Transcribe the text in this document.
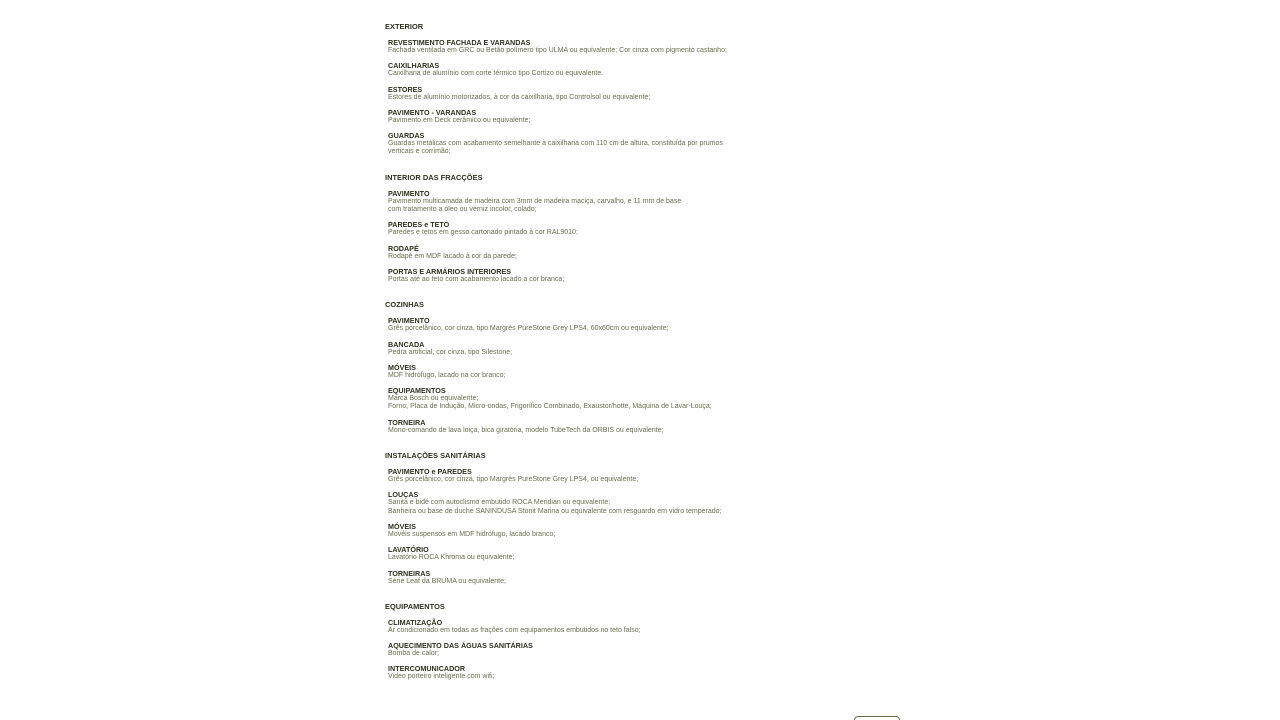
EXTERIOR
REVESTIMENTO FACHADA E VARANDAS
Fachada ventilada em GRC ou Betão polímero tipo ULMA ou equivalente; Cor cinza com pigmento castanho;
CAIXILHARIAS
Caixilharia de alumínio com corte térmico tipo Cortizo ou equivalente.
ESTORES
Estores de alumínio motorizados, à cor da caixilharia, tipo Controlsol ou equivalente;
PAVIMENTO - VARANDAS
Pavimento em Deck cerâmico ou equivalente;
GUARDAS
Guardas metálicas com acabamento semelhante à caixilharia com 110 cm de altura, constituída por prumos
verticais e corrimão;
INTERIOR DAS FRACÇÕES
PAVIMENTO
Pavimento multicamada de madeira com 3mm de madeira maciça, carvalho, e 11 mm de base
com tratamento a óleo ou verniz incolor, colado;
PAREDES e TETO
Paredes e tetos em gesso cartonado pintado à cor RAL9010;
RODAPÉ
Rodapé em MDF lacado à cor da parede;
PORTAS E ARMÁRIOS INTERIORES
Portas até ao teto com acabamento lacado a cor branca;
COZINHAS
PAVIMENTO
Grês porcelânico, cor cinza, tipo Margrès PureStone Grey LPS4, 60x60cm ou equivalente;
BANCADA
Pedra artificial, cor cinza, tipo Silestone;
MÓVEIS
MDF hidrófugo, lacado na cor branco;
EQUIPAMENTOS
Marca Bosch ou equivalente;
Forno, Placa de Indução, Micro-ondas, Frigorífico Combinado, Exaustor/hotte, Máquina de Lavar-Louça;
TORNEIRA
Mono-comando de lava loiça, bica giratória, modelo TubeTech da ORBIS ou equivalente;
INSTALAÇÕES SANITÁRIAS
PAVIMENTO e PAREDES
Grês porcelânico, cor cinza, tipo Margrès PureStone Grey LPS4, ou equivalente;
LOUÇAS
Sanita e bidé com autoclismo embutido ROCA Meridian ou equivalente;
Banheira ou base de duche SANINDUSA Stonit Marina ou equivalente com resguardo em vidro temperado;
MÓVEIS
Movéis suspensos em MDF hidrófugo, lacado branco;
LAVATÓRIO
Lavatório ROCA Khroma ou equivalente;
TORNEIRAS
Serie Leaf da BRUMA ou equivalente;
EQUIPAMENTOS
CLIMATIZAÇÃO
Ar condicionado em todas as frações com equipamentos embutidos no teto falso;
AQUECIMENTO DAS ÁGUAS SANITÁRIAS
Bomba de calor;
INTERCOMUNICADOR
Video porteiro inteligente com wifi;
